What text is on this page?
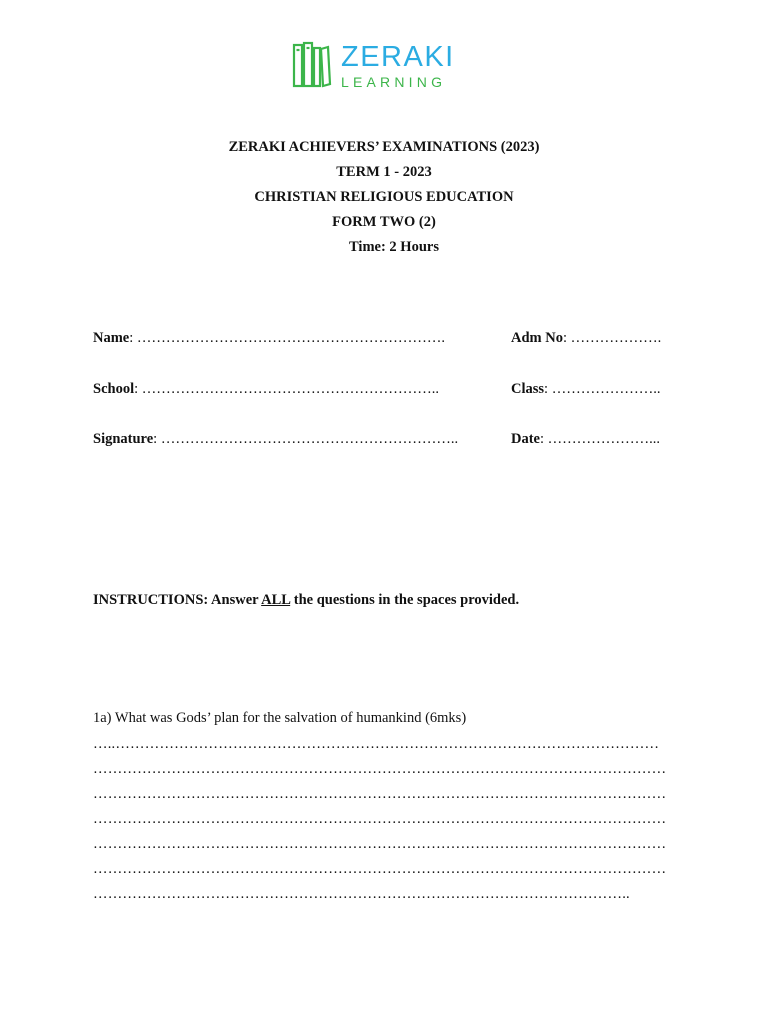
ZERAKI
LEARNING
ZERAKI ACHIEVERS’ EXAMINATIONS (2023)
TERM 1 - 2023
CHRISTIAN RELIGIOUS EDUCATION
FORM TWO (2)
Time: 2 Hours
Name: ……………………………………………………….	Adm No: ……………….
School: ……………………………………………………..	Class: …………………..
Signature: ……………………………………………………..	Date: …………………...
INSTRUCTIONS: Answer ALL the questions in the spaces provided.
1a) What was Gods’ plan for the salvation of humankind (6mks)
…..…………………………………………………………………………………………………
………………………………………………………………………………………………………
………………………………………………………………………………………………………
………………………………………………………………………………………………………
………………………………………………………………………………………………………
………………………………………………………………………………………………………
………………………………………………………………………………………………..
